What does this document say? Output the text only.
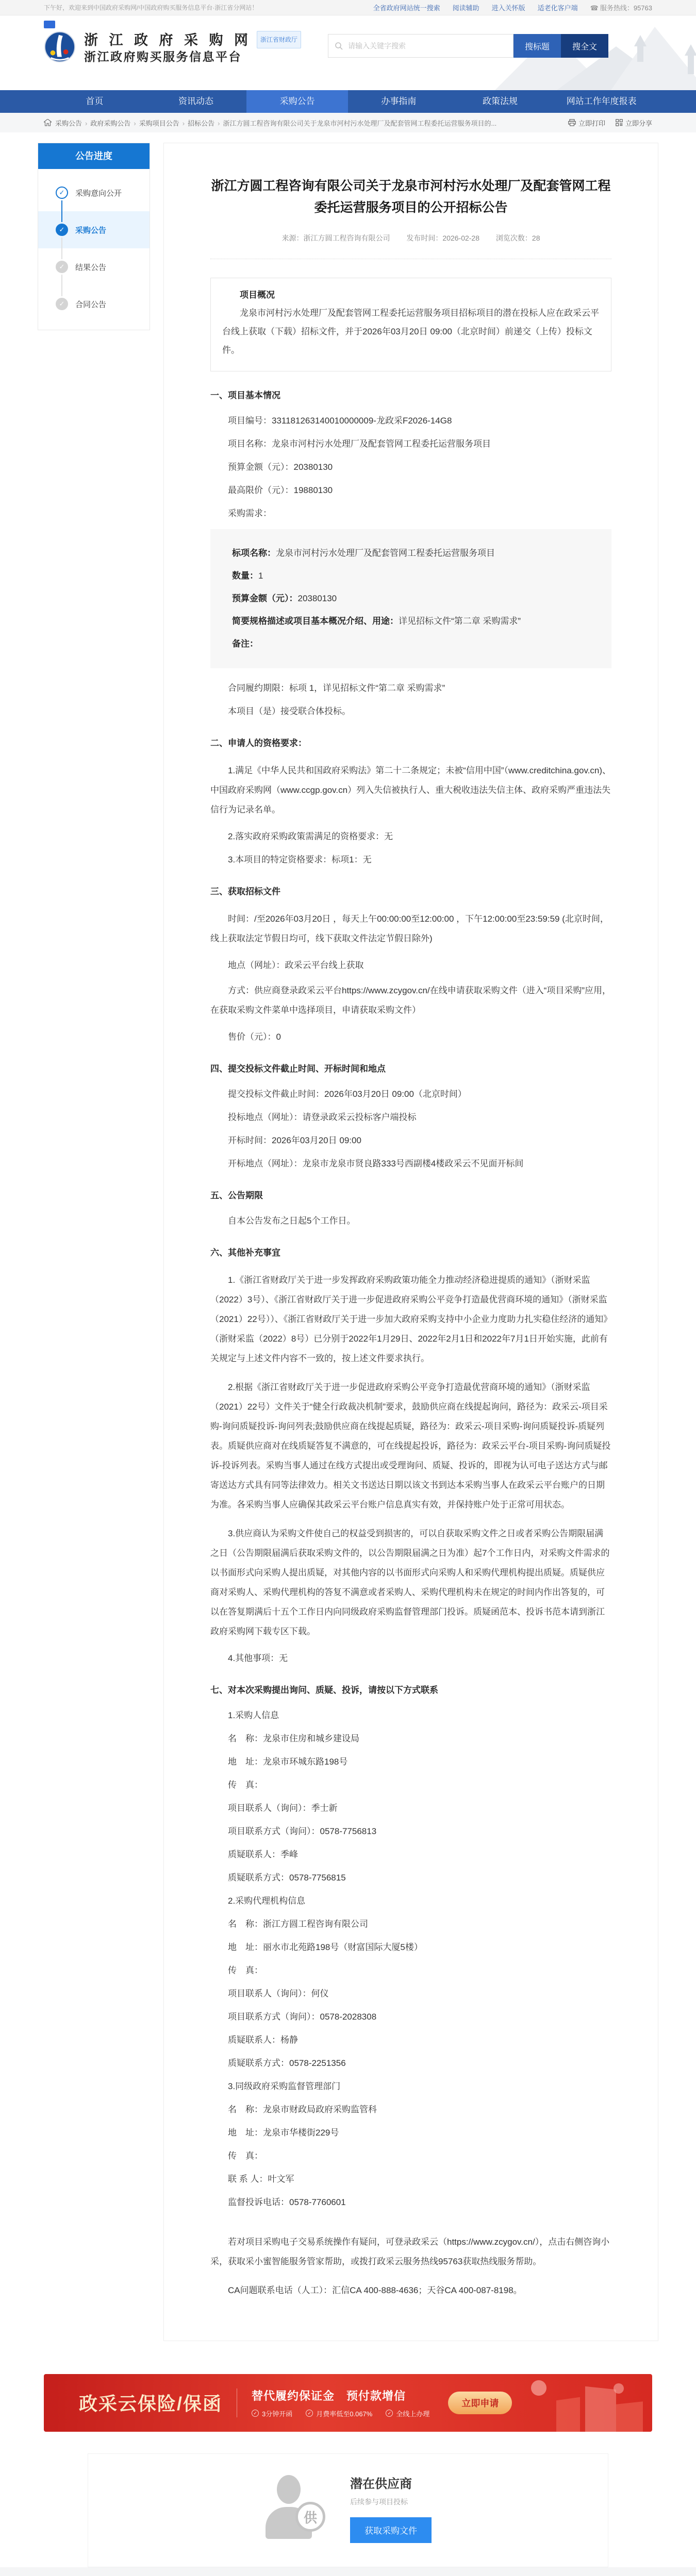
下午好，欢迎来到中国政府采购网/中国政府购买服务信息平台·浙江省分网站！	全省政府网站统一搜索 阅读辅助 进入关怀版 适老化客户端 ☎ 服务热线：95763
浙 江 政 府 采 购 网 浙江省财政厅
浙江政府购买服务信息平台
请输入关键字搜索
搜标题	搜全文
首页	资讯动态	采购公告	办事指南	政策法规	网站工作年度报表
采购公告 › 政府采购公告 › 采购项目公告 › 招标公告 › 浙江方圆工程咨询有限公司关于龙泉市河村污水处理厂及配套管网工程委托运营服务项目的...	立即打印	立即分享
公告进度
✓	采购意向公开
✓	采购公告
✓	结果公告
✓	合同公告
浙江方圆工程咨询有限公司关于龙泉市河村污水处理厂及配套管网工程委托运营服务项目的公开招标公告
来源：浙江方圆工程咨询有限公司 发布时间：2026-02-28 浏览次数：28
项目概况
龙泉市河村污水处理厂及配套管网工程委托运营服务项目招标项目的潜在投标人应在政采云平台线上获取（下载）招标文件，并于2026年03月20日 09:00（北京时间）前递交（上传）投标文件。
一、项目基本情况

项目编号：331181263140010000009-龙政采F2026-14G8

项目名称：龙泉市河村污水处理厂及配套管网工程委托运营服务项目

预算金额（元）：20380130

最高限价（元）：19880130

采购需求：

标项名称：龙泉市河村污水处理厂及配套管网工程委托运营服务项目

数量：1

预算金额（元）：20380130

简要规格描述或项目基本概况介绍、用途：详见招标文件“第二章 采购需求”

备注：

合同履约期限：标项 1，详见招标文件“第二章 采购需求”

本项目（是）接受联合体投标。

二、申请人的资格要求：

1.满足《中华人民共和国政府采购法》第二十二条规定；未被“信用中国”（www.creditchina.gov.cn)、中国政府采购网（www.ccgp.gov.cn）列入失信被执行人、重大税收违法失信主体、政府采购严重违法失信行为记录名单。

2.落实政府采购政策需满足的资格要求：无

3.本项目的特定资格要求：标项1：无

三、获取招标文件

时间：/至2026年03月20日 ，每天上午00:00:00至12:00:00 ，下午12:00:00至23:59:59 (北京时间，线上获取法定节假日均可，线下获取文件法定节假日除外)

地点（网址）：政采云平台线上获取

方式：供应商登录政采云平台https://www.zcygov.cn/在线申请获取采购文件（进入“项目采购”应用，在获取采购文件菜单中选择项目，申请获取采购文件）

售价（元）：0

四、提交投标文件截止时间、开标时间和地点

提交投标文件截止时间：2026年03月20日 09:00（北京时间）

投标地点（网址）：请登录政采云投标客户端投标

开标时间：2026年03月20日 09:00

开标地点（网址）：龙泉市龙泉市贤良路333号西副楼4楼政采云不见面开标间

五、公告期限

自本公告发布之日起5个工作日。

六、其他补充事宜

1.《浙江省财政厅关于进一步发挥政府采购政策功能全力推动经济稳进提质的通知》（浙财采监（2022）3号）、《浙江省财政厅关于进一步促进政府采购公平竞争打造最优营商环境的通知》（浙财采监（2021）22号））、《浙江省财政厅关于进一步加大政府采购支持中小企业力度助力扎实稳住经济的通知》（浙财采监（2022）8号）已分别于2022年1月29日、2022年2月1日和2022年7月1日开始实施，此前有关规定与上述文件内容不一致的，按上述文件要求执行。

2.根据《浙江省财政厅关于进一步促进政府采购公平竞争打造最优营商环境的通知》（浙财采监（2021）22号）文件关于“健全行政裁决机制”要求，鼓励供应商在线提起询问，路径为：政采云-项目采购-询问质疑投诉-询问列表;鼓励供应商在线提起质疑，路径为：政采云-项目采购-询问质疑投诉-质疑列表。质疑供应商对在线质疑答复不满意的，可在线提起投诉，路径为：政采云平台-项目采购-询问质疑投诉-投诉列表。采购当事人通过在线方式提出或受理询问、质疑、投诉的，即视为认可电子送达方式与邮寄送达方式具有同等法律效力。相关文书送达日期以该文书到达本采购当事人在政采云平台账户的日期为准。各采购当事人应确保其政采云平台账户信息真实有效，并保持账户处于正常可用状态。

3.供应商认为采购文件使自己的权益受到损害的，可以自获取采购文件之日或者采购公告期限届满之日（公告期限届满后获取采购文件的，以公告期限届满之日为准）起7个工作日内，对采购文件需求的以书面形式向采购人提出质疑，对其他内容的以书面形式向采购人和采购代理机构提出质疑。质疑供应商对采购人、采购代理机构的答复不满意或者采购人、采购代理机构未在规定的时间内作出答复的，可以在答复期满后十五个工作日内向同级政府采购监督管理部门投诉。质疑函范本、投诉书范本请到浙江政府采购网下载专区下载。

4.其他事项：无

七、对本次采购提出询问、质疑、投诉，请按以下方式联系

1.采购人信息

名　称：龙泉市住房和城乡建设局

地　址：龙泉市环城东路198号

传　真：

项目联系人（询问）：季士新

项目联系方式（询问）：0578-7756813

质疑联系人：季峰

质疑联系方式：0578-7756815

2.采购代理机构信息

名　称：浙江方圆工程咨询有限公司

地　址：丽水市北苑路198号（财富国际大厦5楼）

传　真：

项目联系人（询问）：何仪

项目联系方式（询问）：0578-2028308

质疑联系人：杨静

质疑联系方式：0578-2251356

3.同级政府采购监督管理部门

名　称：龙泉市财政局政府采购监管科

地　址：龙泉市华楼街229号

传　真：

联 系 人：叶文军

监督投诉电话：0578-7760601

若对项目采购电子交易系统操作有疑问，可登录政采云（https://www.zcygov.cn/），点击右侧咨询小采，获取采小蜜智能服务管家帮助，或拨打政采云服务热线95763获取热线服务帮助。

CA问题联系电话（人工）：汇信CA 400-888-4636；天谷CA 400-087-8198。

政采云保险/保函	替代履约保证金　预付款增信
✓ 3分钟开函	✓ 月费率低至0.067%	✓ 全线上办理
立即申请
供
潜在供应商
后续参与项目投标
获取采购文件
